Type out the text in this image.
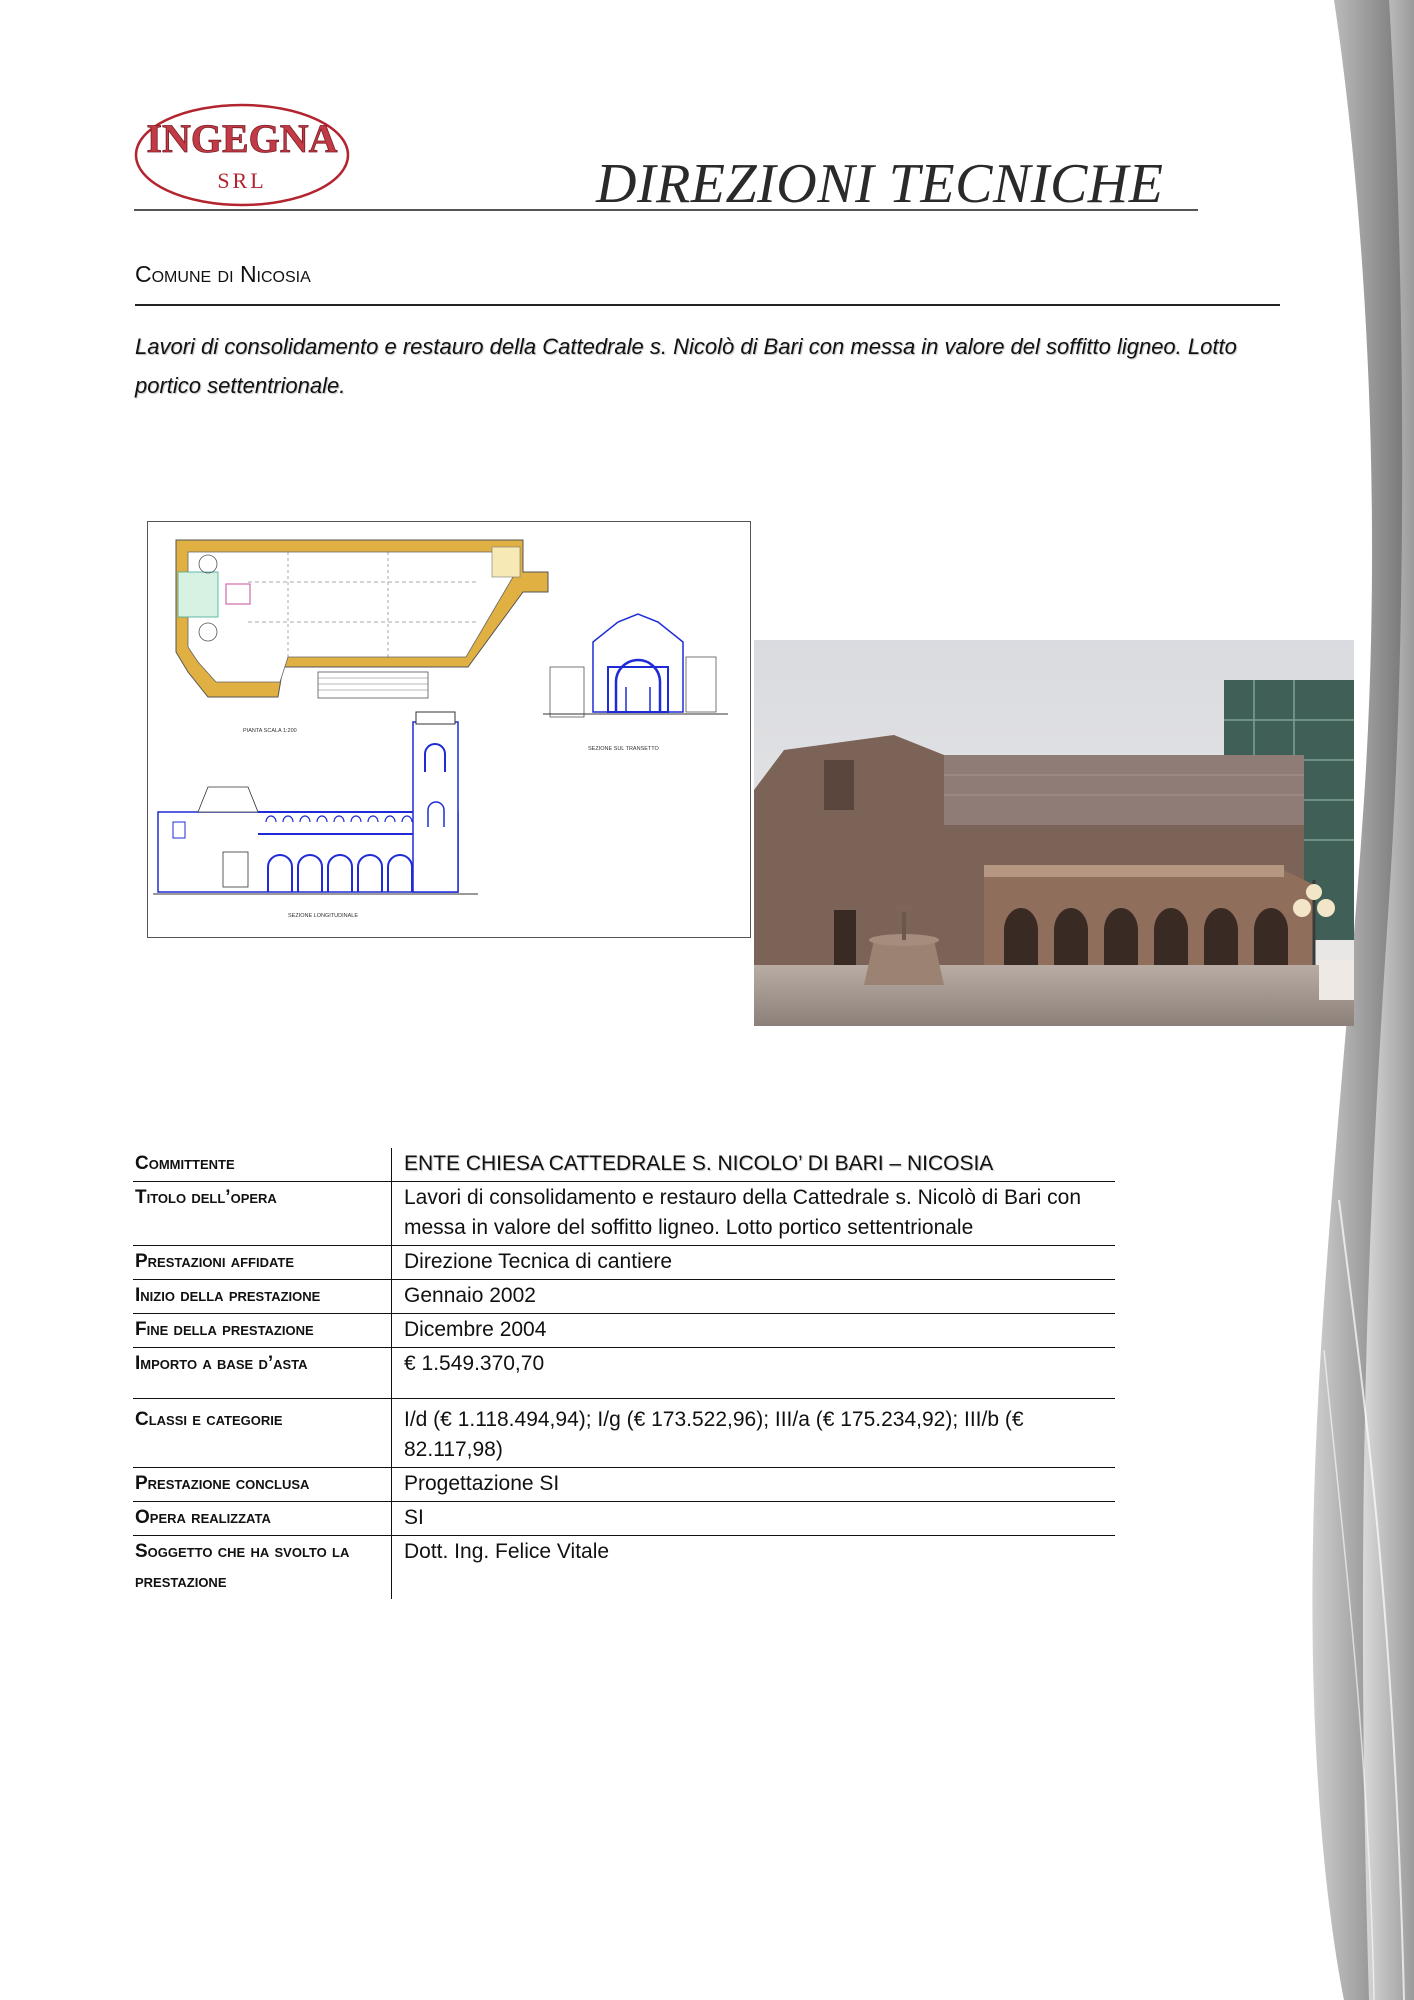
INGEGNA
SRL	DIREZIONI TECNICHE
Comune di Nicosia
Lavori di consolidamento e restauro della Cattedrale s. Nicolò di Bari con messa in valore del soffitto ligneo. Lotto portico settentrionale.
PIANTA SCALA 1:200
SEZIONE SUL TRANSETTO
SEZIONE LONGITUDINALE
Committente	ENTE CHIESA CATTEDRALE S. NICOLO’ DI BARI – NICOSIA
Titolo dell’opera	Lavori di consolidamento e restauro della Cattedrale s. Nicolò di Bari con messa in valore del soffitto ligneo. Lotto portico settentrionale
Prestazioni affidate	Direzione Tecnica di cantiere
Inizio della prestazione	Gennaio 2002
Fine della prestazione	Dicembre 2004
Importo a base d’asta	€ 1.549.370,70
Classi e categorie	I/d (€ 1.118.494,94); I/g (€ 173.522,96); III/a (€ 175.234,92); III/b (€ 82.117,98)
Prestazione conclusa	Progettazione SI
Opera realizzata	SI
Soggetto che ha svolto la prestazione	Dott. Ing. Felice Vitale
